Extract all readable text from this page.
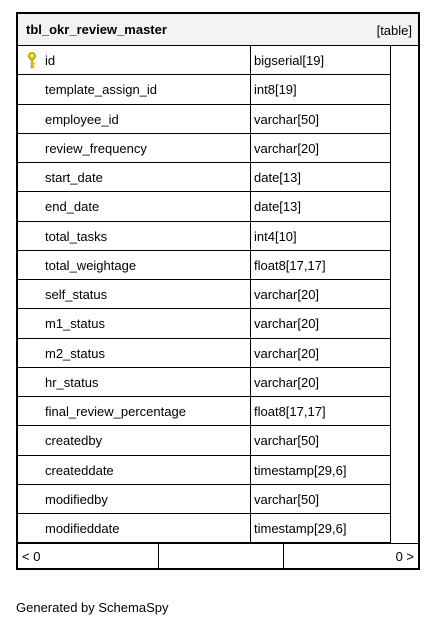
tbl_okr_review_master	[table]
id	bigserial[19]
template_assign_id	int8[19]
employee_id	varchar[50]
review_frequency	varchar[20]
start_date	date[13]
end_date	date[13]
total_tasks	int4[10]
total_weightage	float8[17,17]
self_status	varchar[20]
m1_status	varchar[20]
m2_status	varchar[20]
hr_status	varchar[20]
final_review_percentage	float8[17,17]
createdby	varchar[50]
createddate	timestamp[29,6]
modifiedby	varchar[50]
modifieddate	timestamp[29,6]
< 0	0 >
Generated by SchemaSpy
